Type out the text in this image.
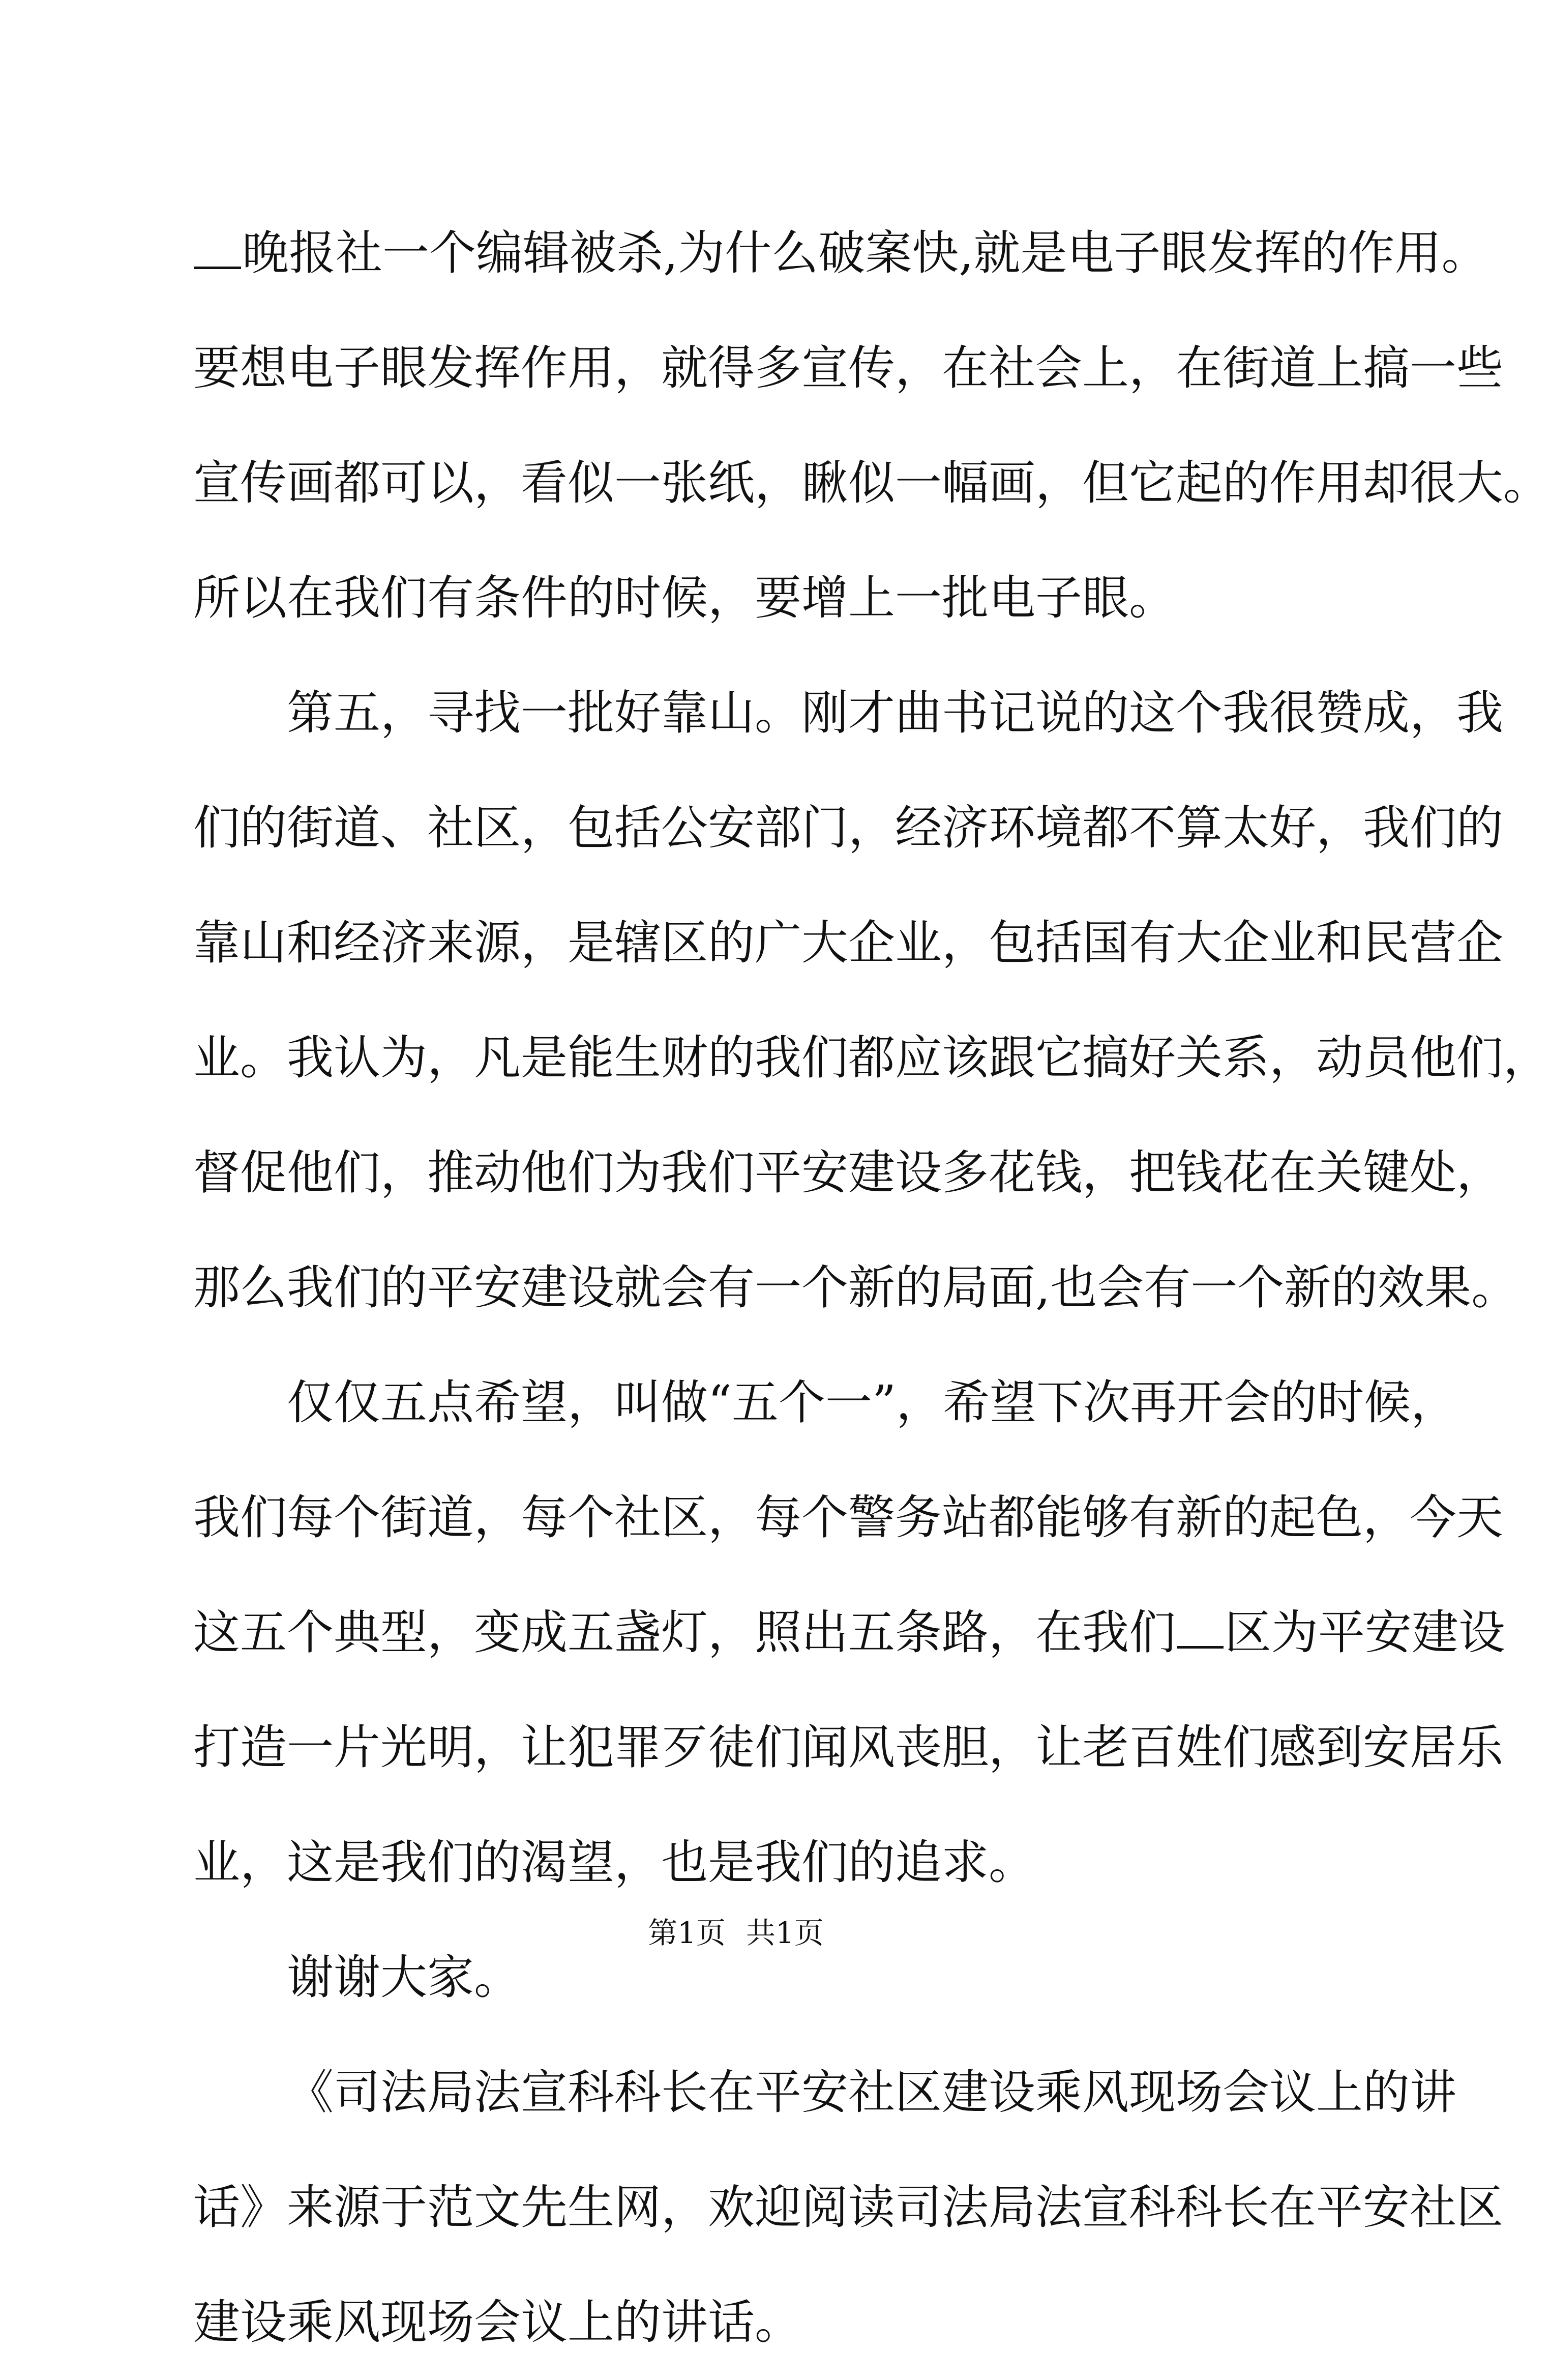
晚报社一个编辑被杀,为什么破案快,就是电子眼发挥的作用。
要想电子眼发挥作用，就得多宣传，在社会上，在街道上搞一些
宣传画都可以，看似一张纸，瞅似一幅画，但它起的作用却很大。
所以在我们有条件的时候，要增上一批电子眼。
第五，寻找一批好靠山。刚才曲书记说的这个我很赞成，我
们的街道、社区，包括公安部门，经济环境都不算太好，我们的
靠山和经济来源，是辖区的广大企业，包括国有大企业和民营企
业。我认为，凡是能生财的我们都应该跟它搞好关系，动员他们，
督促他们，推动他们为我们平安建设多花钱，把钱花在关键处，
那么我们的平安建设就会有一个新的局面,也会有一个新的效果。
仅仅五点希望，叫做“五个一”，希望下次再开会的时候，
我们每个街道，每个社区，每个警务站都能够有新的起色，今天
这五个典型，变成五盏灯，照出五条路，在我们 区为平安建设
打造一片光明，让犯罪歹徒们闻风丧胆，让老百姓们感到安居乐
业，这是我们的渴望，也是我们的追求。
谢谢大家。
《司法局法宣科科长在平安社区建设乘风现场会议上的讲
话》来源于范文先生网，欢迎阅读司法局法宣科科长在平安社区
建设乘风现场会议上的讲话。
第1页 共1页
